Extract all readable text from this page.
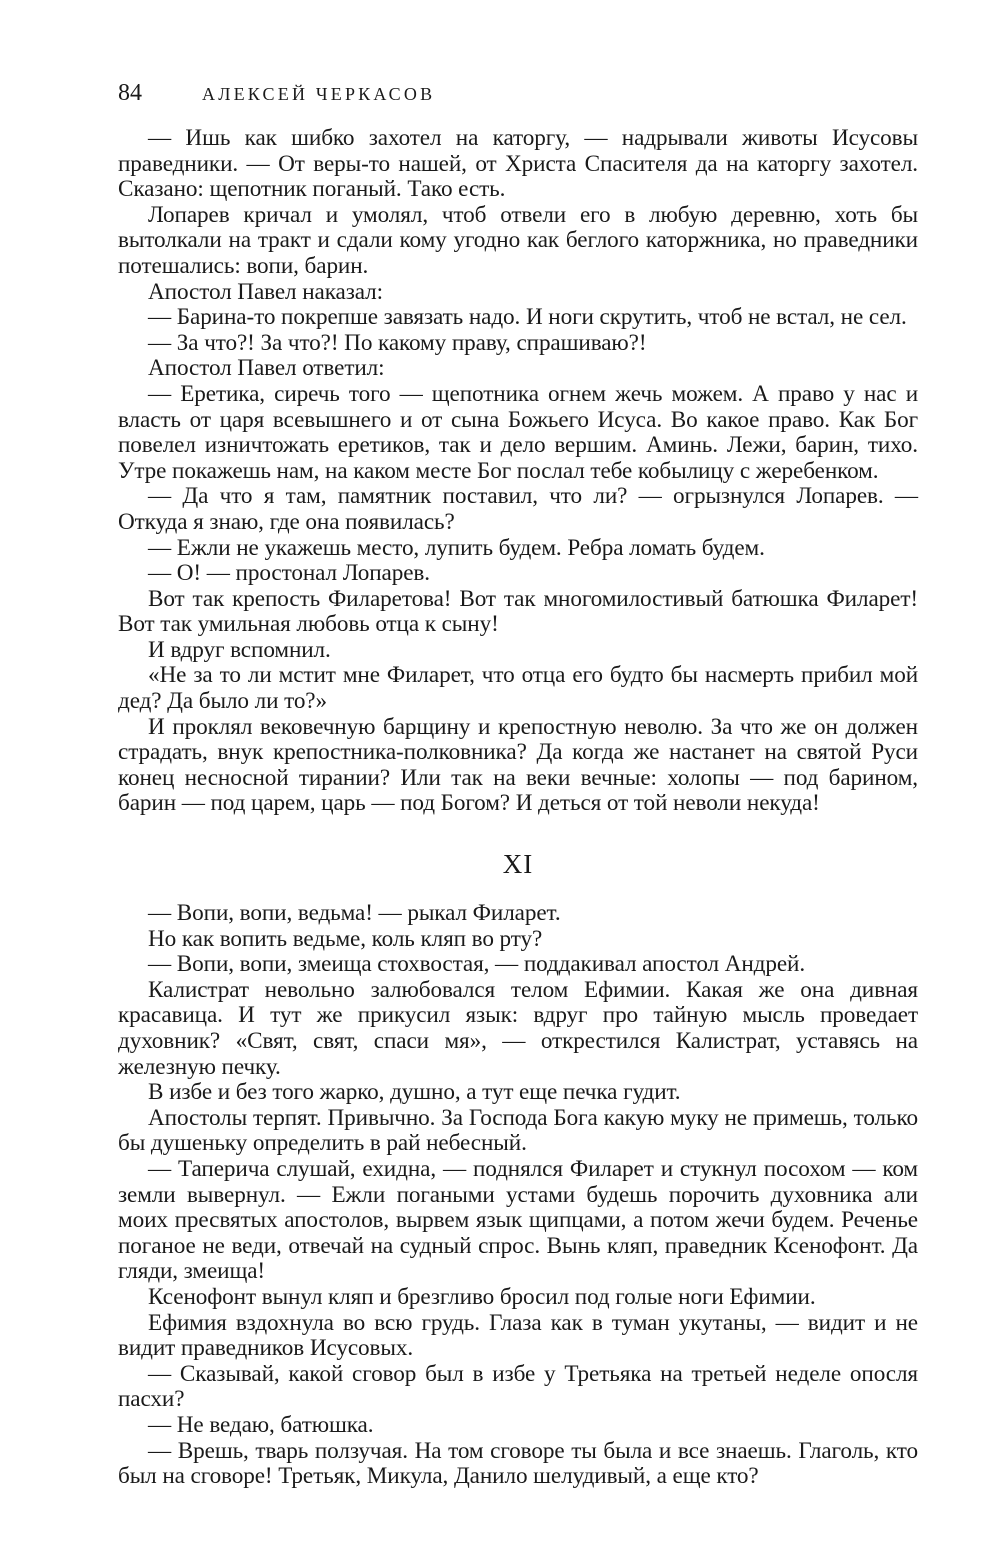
84	АЛЕКСЕЙ ЧЕРКАСОВ

— Ишь как шибко захотел на каторгу, — надрывали животы Исусовы праведники. — От веры-то нашей, от Христа Спасителя да на каторгу захотел. Сказано: щепотник поганый. Тако есть.

Лопарев кричал и умолял, чтоб отвели его в любую деревню, хоть бы вытолкали на тракт и сдали кому угодно как беглого каторжника, но праведники потешались: вопи, барин.

Апостол Павел наказал:

— Барина-то покрепше завязать надо. И ноги скрутить, чтоб не встал, не сел.

— За что?! За что?! По какому праву, спрашиваю?!

Апостол Павел ответил:

— Еретика, сиречь того — щепотника огнем жечь можем. А право у нас и власть от царя всевышнего и от сына Божьего Исуса. Во какое право. Как Бог повелел изничтожать еретиков, так и дело вершим. Аминь. Лежи, барин, тихо. Утре покажешь нам, на каком месте Бог послал тебе кобылицу с жеребенком.

— Да что я там, памятник поставил, что ли? — огрызнулся Лопарев. — Откуда я знаю, где она появилась?

— Ежли не укажешь место, лупить будем. Ребра ломать будем.

— О! — простонал Лопарев.

Вот так крепость Филаретова! Вот так многомилостивый батюшка Филарет! Вот так умильная любовь отца к сыну!

И вдруг вспомнил.

«Не за то ли мстит мне Филарет, что отца его будто бы насмерть прибил мой дед? Да было ли то?»

И проклял вековечную барщину и крепостную неволю. За что же он должен страдать, внук крепостника-полковника? Да когда же настанет на святой Руси конец несносной тирании? Или так на веки вечные: холопы — под барином, барин — под царем, царь — под Богом? И деться от той неволи некуда!

XI

— Вопи, вопи, ведьма! — рыкал Филарет.

Но как вопить ведьме, коль кляп во рту?

— Вопи, вопи, змеища стохвостая, — поддакивал апостол Андрей.

Калистрат невольно залюбовался телом Ефимии. Какая же она дивная красавица. И тут же прикусил язык: вдруг про тайную мысль проведает духовник? «Свят, свят, спаси мя», — открестился Калистрат, уставясь на железную печку.

В избе и без того жарко, душно, а тут еще печка гудит.

Апостолы терпят. Привычно. За Господа Бога какую муку не примешь, только бы душеньку определить в рай небесный.

— Таперича слушай, ехидна, — поднялся Филарет и стукнул посохом — ком земли вывернул. — Ежли погаными устами будешь порочить духовника али моих пресвятых апостолов, вырвем язык щипцами, а потом жечи будем. Реченье поганое не веди, отвечай на судный спрос. Вынь кляп, праведник Ксенофонт. Да гляди, змеища!

Ксенофонт вынул кляп и брезгливо бросил под голые ноги Ефимии.

Ефимия вздохнула во всю грудь. Глаза как в туман укутаны, — видит и не видит праведников Исусовых.

— Сказывай, какой сговор был в избе у Третьяка на третьей неделе опосля пасхи?

— Не ведаю, батюшка.

— Врешь, тварь ползучая. На том сговоре ты была и все знаешь. Глаголь, кто был на сговоре! Третьяк, Микула, Данило шелудивый, а еще кто?
